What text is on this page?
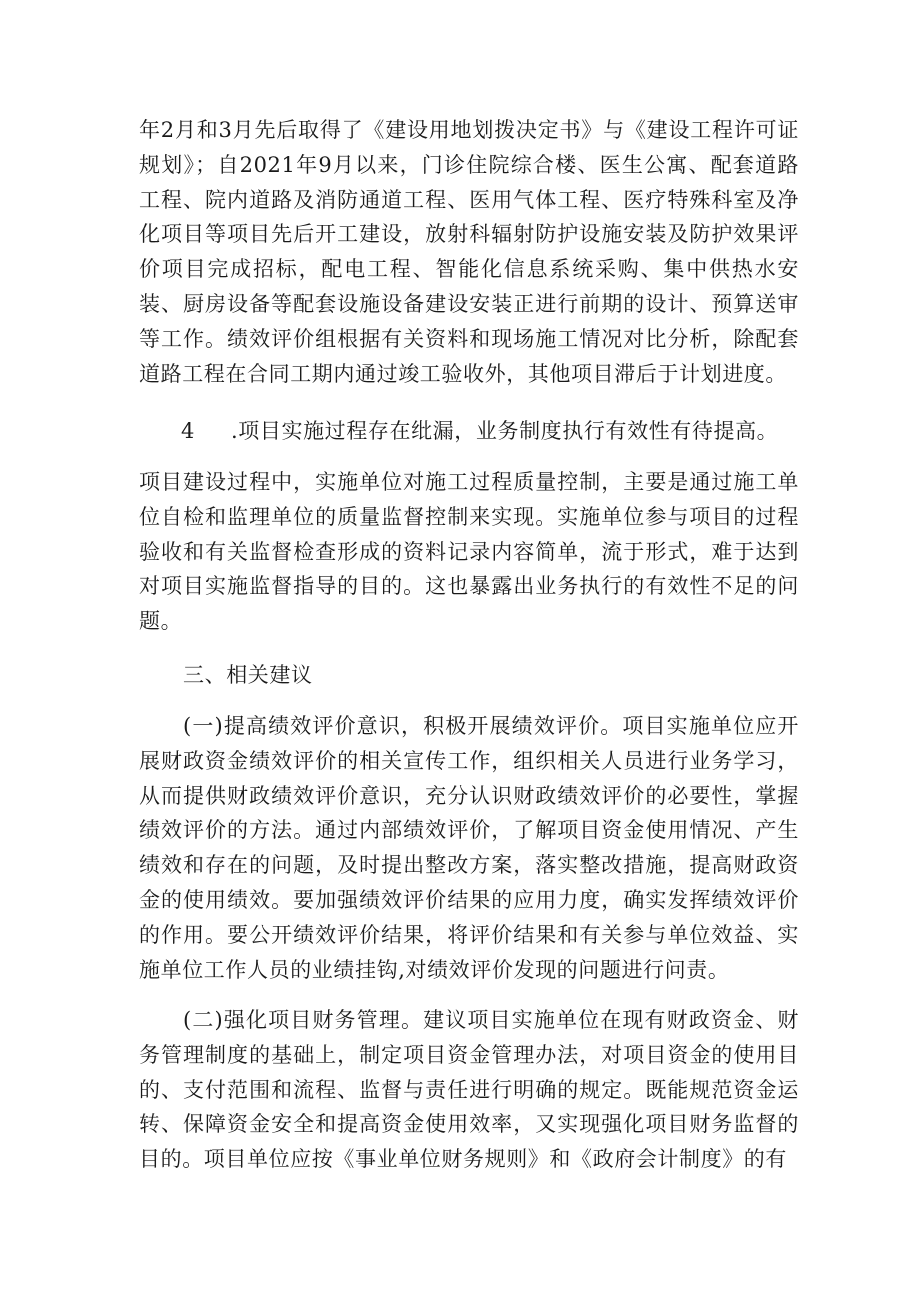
年2月和3月先后取得了《建设用地划拨决定书》与《建设工程许可证规划》；自2021年9月以来，门诊住院综合楼、医生公寓、配套道路工程、院内道路及消防通道工程、医用气体工程、医疗特殊科室及净化项目等项目先后开工建设，放射科辐射防护设施安装及防护效果评价项目完成招标，配电工程、智能化信息系统采购、集中供热水安装、厨房设备等配套设施设备建设安装正进行前期的设计、预算送审等工作。绩效评价组根据有关资料和现场施工情况对比分析，除配套道路工程在合同工期内通过竣工验收外，其他项目滞后于计划进度。

4 .项目实施过程存在纰漏，业务制度执行有效性有待提高。

项目建设过程中，实施单位对施工过程质量控制，主要是通过施工单位自检和监理单位的质量监督控制来实现。实施单位参与项目的过程验收和有关监督检查形成的资料记录内容简单，流于形式，难于达到对项目实施监督指导的目的。这也暴露出业务执行的有效性不足的问题。

三、相关建议

(一)提高绩效评价意识，积极开展绩效评价。项目实施单位应开展财政资金绩效评价的相关宣传工作，组织相关人员进行业务学习，从而提供财政绩效评价意识，充分认识财政绩效评价的必要性，掌握绩效评价的方法。通过内部绩效评价，了解项目资金使用情况、产生绩效和存在的问题，及时提出整改方案，落实整改措施，提高财政资金的使用绩效。要加强绩效评价结果的应用力度，确实发挥绩效评价的作用。要公开绩效评价结果，将评价结果和有关参与单位效益、实施单位工作人员的业绩挂钩,对绩效评价发现的问题进行问责。

(二)强化项目财务管理。建议项目实施单位在现有财政资金、财务管理制度的基础上，制定项目资金管理办法，对项目资金的使用目的、支付范围和流程、监督与责任进行明确的规定。既能规范资金运转、保障资金安全和提高资金使用效率，又实现强化项目财务监督的目的。项目单位应按《事业单位财务规则》和《政府会计制度》的有
